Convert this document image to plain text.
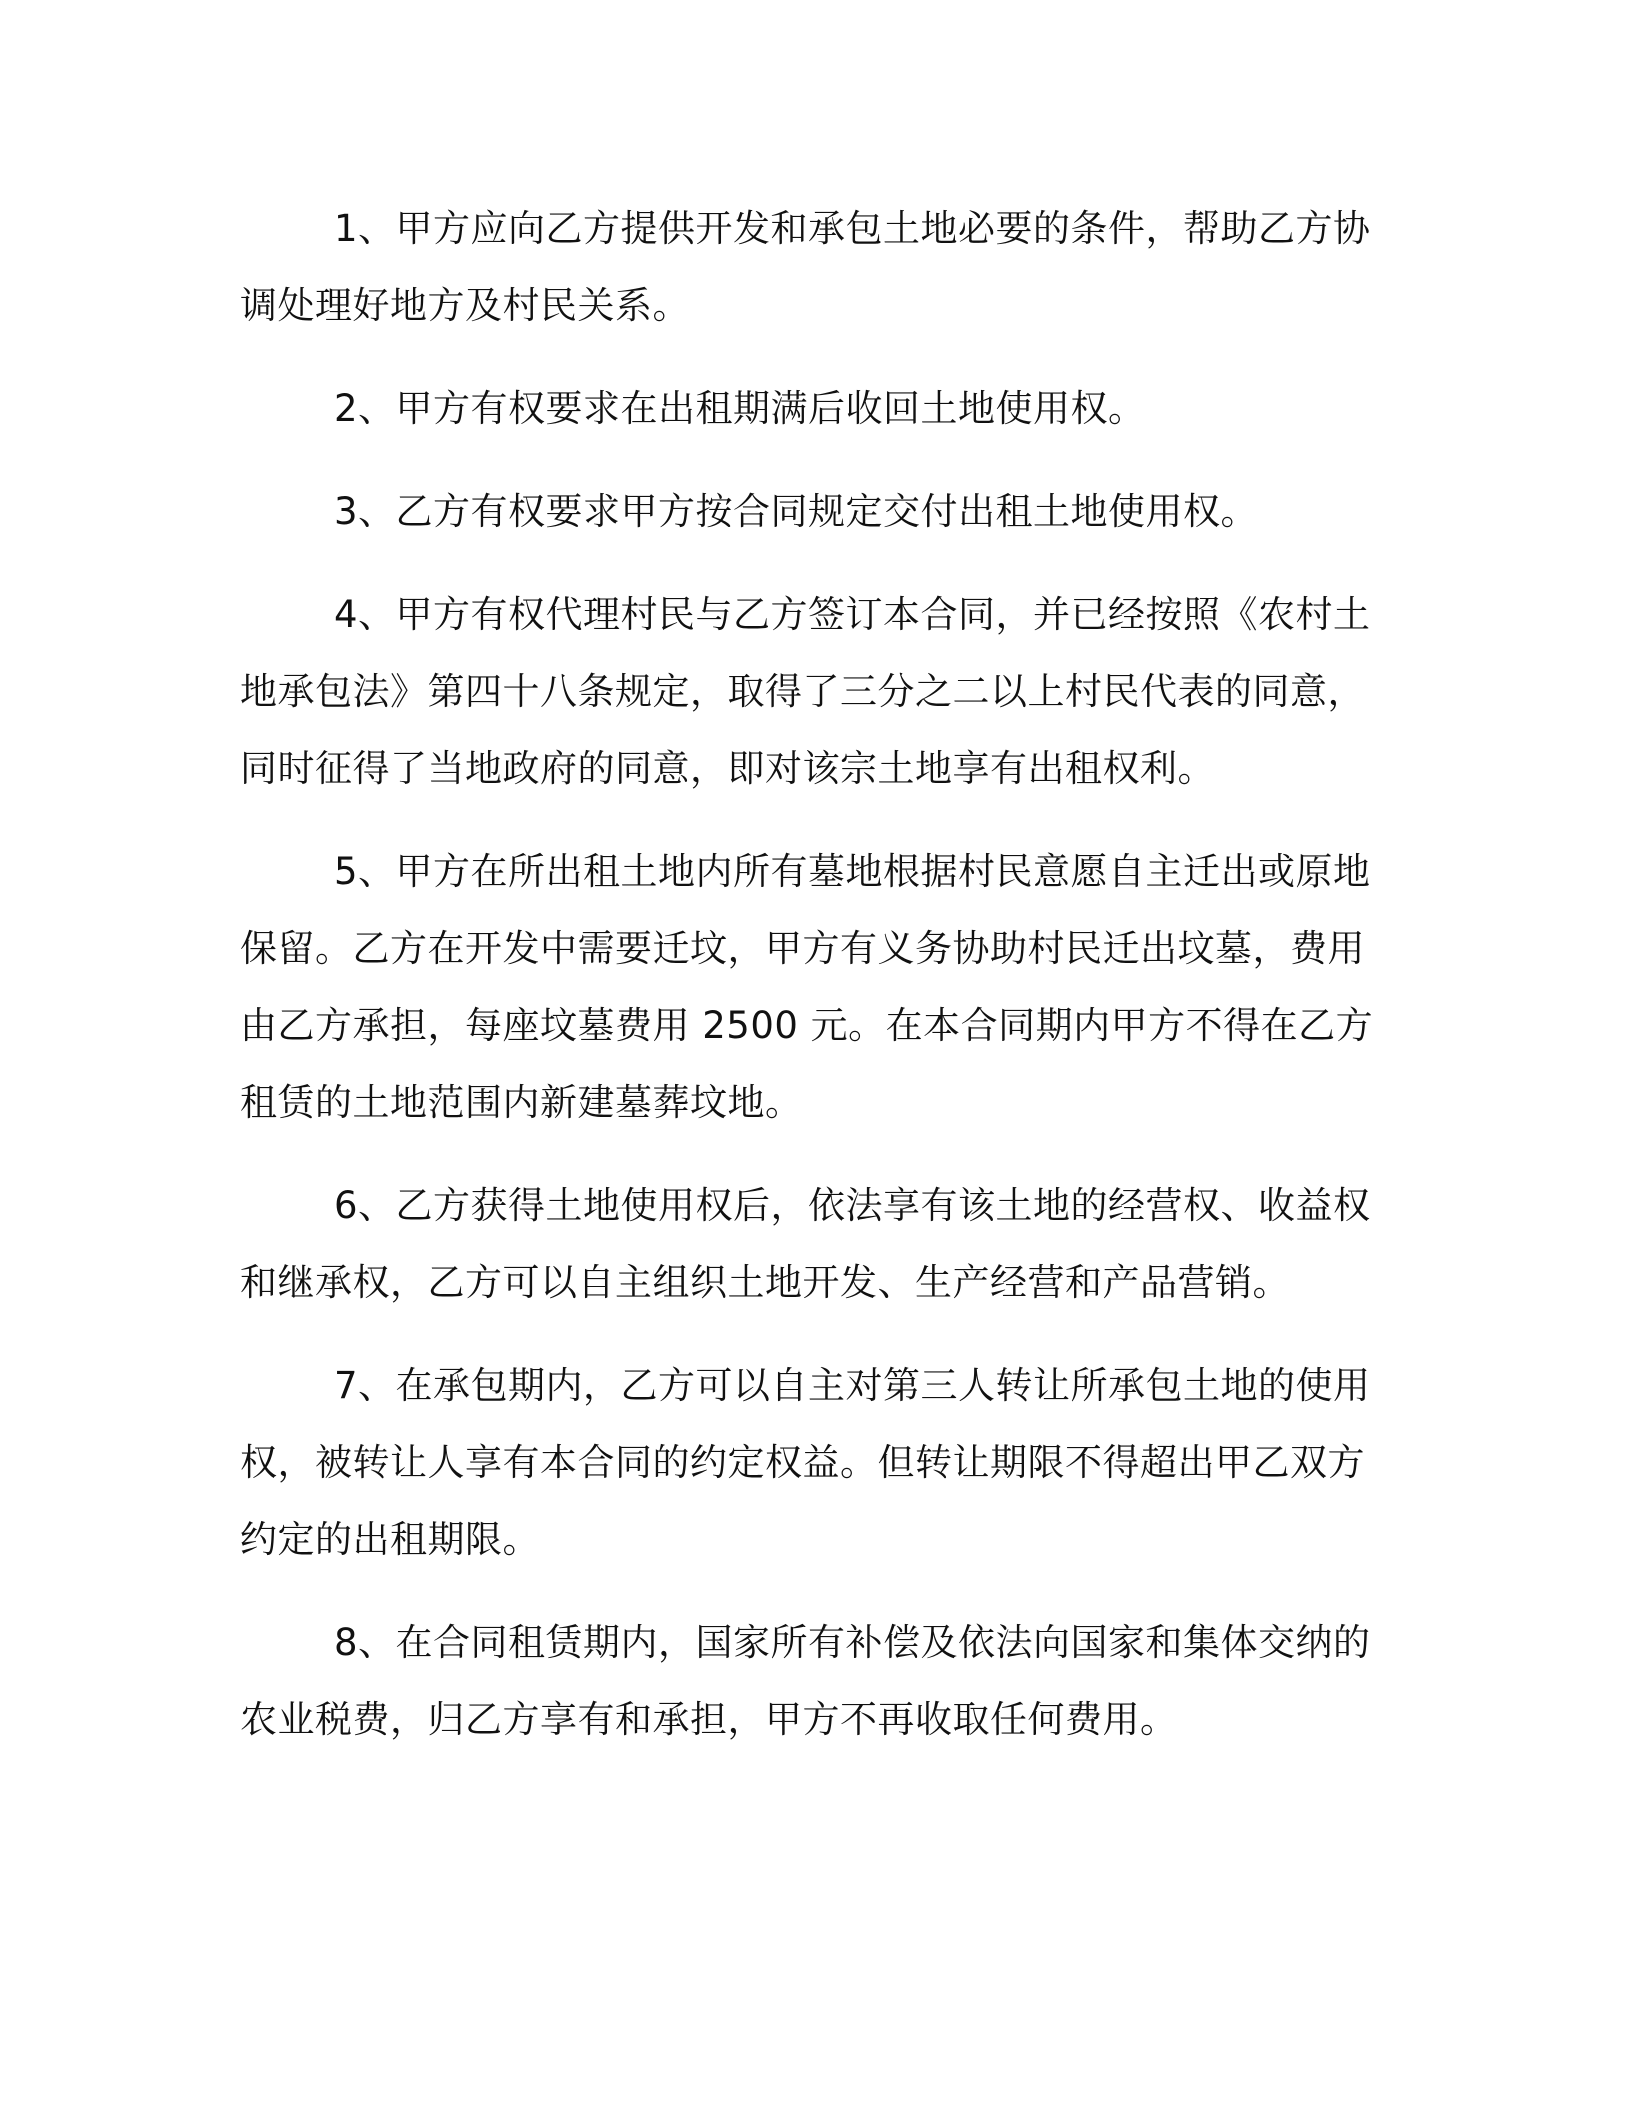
1、甲方应向乙方提供开发和承包土地必要的条件，帮助乙方协调处理好地方及村民关系。

2、甲方有权要求在出租期满后收回土地使用权。

3、乙方有权要求甲方按合同规定交付出租土地使用权。

4、甲方有权代理村民与乙方签订本合同，并已经按照《农村土地承包法》第四十八条规定，取得了三分之二以上村民代表的同意，同时征得了当地政府的同意，即对该宗土地享有出租权利。

5、甲方在所出租土地内所有墓地根据村民意愿自主迁出或原地保留。乙方在开发中需要迁坟，甲方有义务协助村民迁出坟墓，费用由乙方承担，每座坟墓费用 2500 元。在本合同期内甲方不得在乙方租赁的土地范围内新建墓葬坟地。

6、乙方获得土地使用权后，依法享有该土地的经营权、收益权和继承权，乙方可以自主组织土地开发、生产经营和产品营销。

7、在承包期内，乙方可以自主对第三人转让所承包土地的使用权，被转让人享有本合同的约定权益。但转让期限不得超出甲乙双方约定的出租期限。

8、在合同租赁期内，国家所有补偿及依法向国家和集体交纳的农业税费，归乙方享有和承担，甲方不再收取任何费用。
